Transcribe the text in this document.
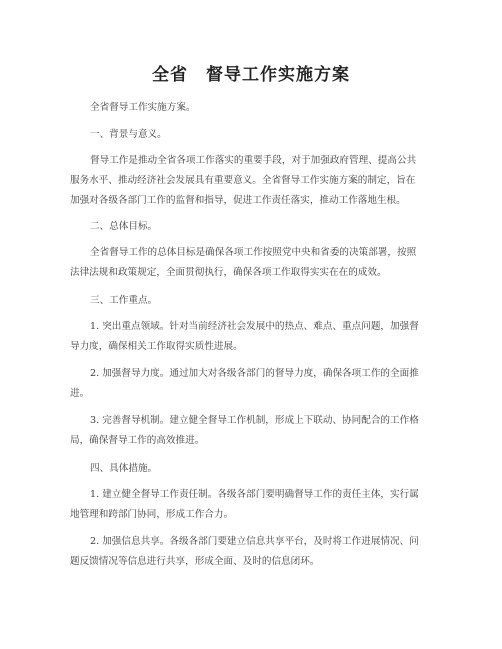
全省　督导工作实施方案
全省督导工作实施方案。
一、背景与意义。
督导工作是推动全省各项工作落实的重要手段，对于加强政府管理、提高公共
服务水平、推动经济社会发展具有重要意义。全省督导工作实施方案的制定，旨在
加强对各级各部门工作的监督和指导，促进工作责任落实，推动工作落地生根。
二、总体目标。
全省督导工作的总体目标是确保各项工作按照党中央和省委的决策部署，按照
法律法规和政策规定，全面贯彻执行，确保各项工作取得实实在在的成效。
三、工作重点。
1. 突出重点领域。针对当前经济社会发展中的热点、难点、重点问题，加强督
导力度，确保相关工作取得实质性进展。
2. 加强督导力度。通过加大对各级各部门的督导力度，确保各项工作的全面推
进。
3. 完善督导机制。建立健全督导工作机制，形成上下联动、协同配合的工作格
局，确保督导工作的高效推进。
四、具体措施。
1. 建立健全督导工作责任制。各级各部门要明确督导工作的责任主体，实行属
地管理和跨部门协同，形成工作合力。
2. 加强信息共享。各级各部门要建立信息共享平台，及时将工作进展情况、问
题反馈情况等信息进行共享，形成全面、及时的信息闭环。
